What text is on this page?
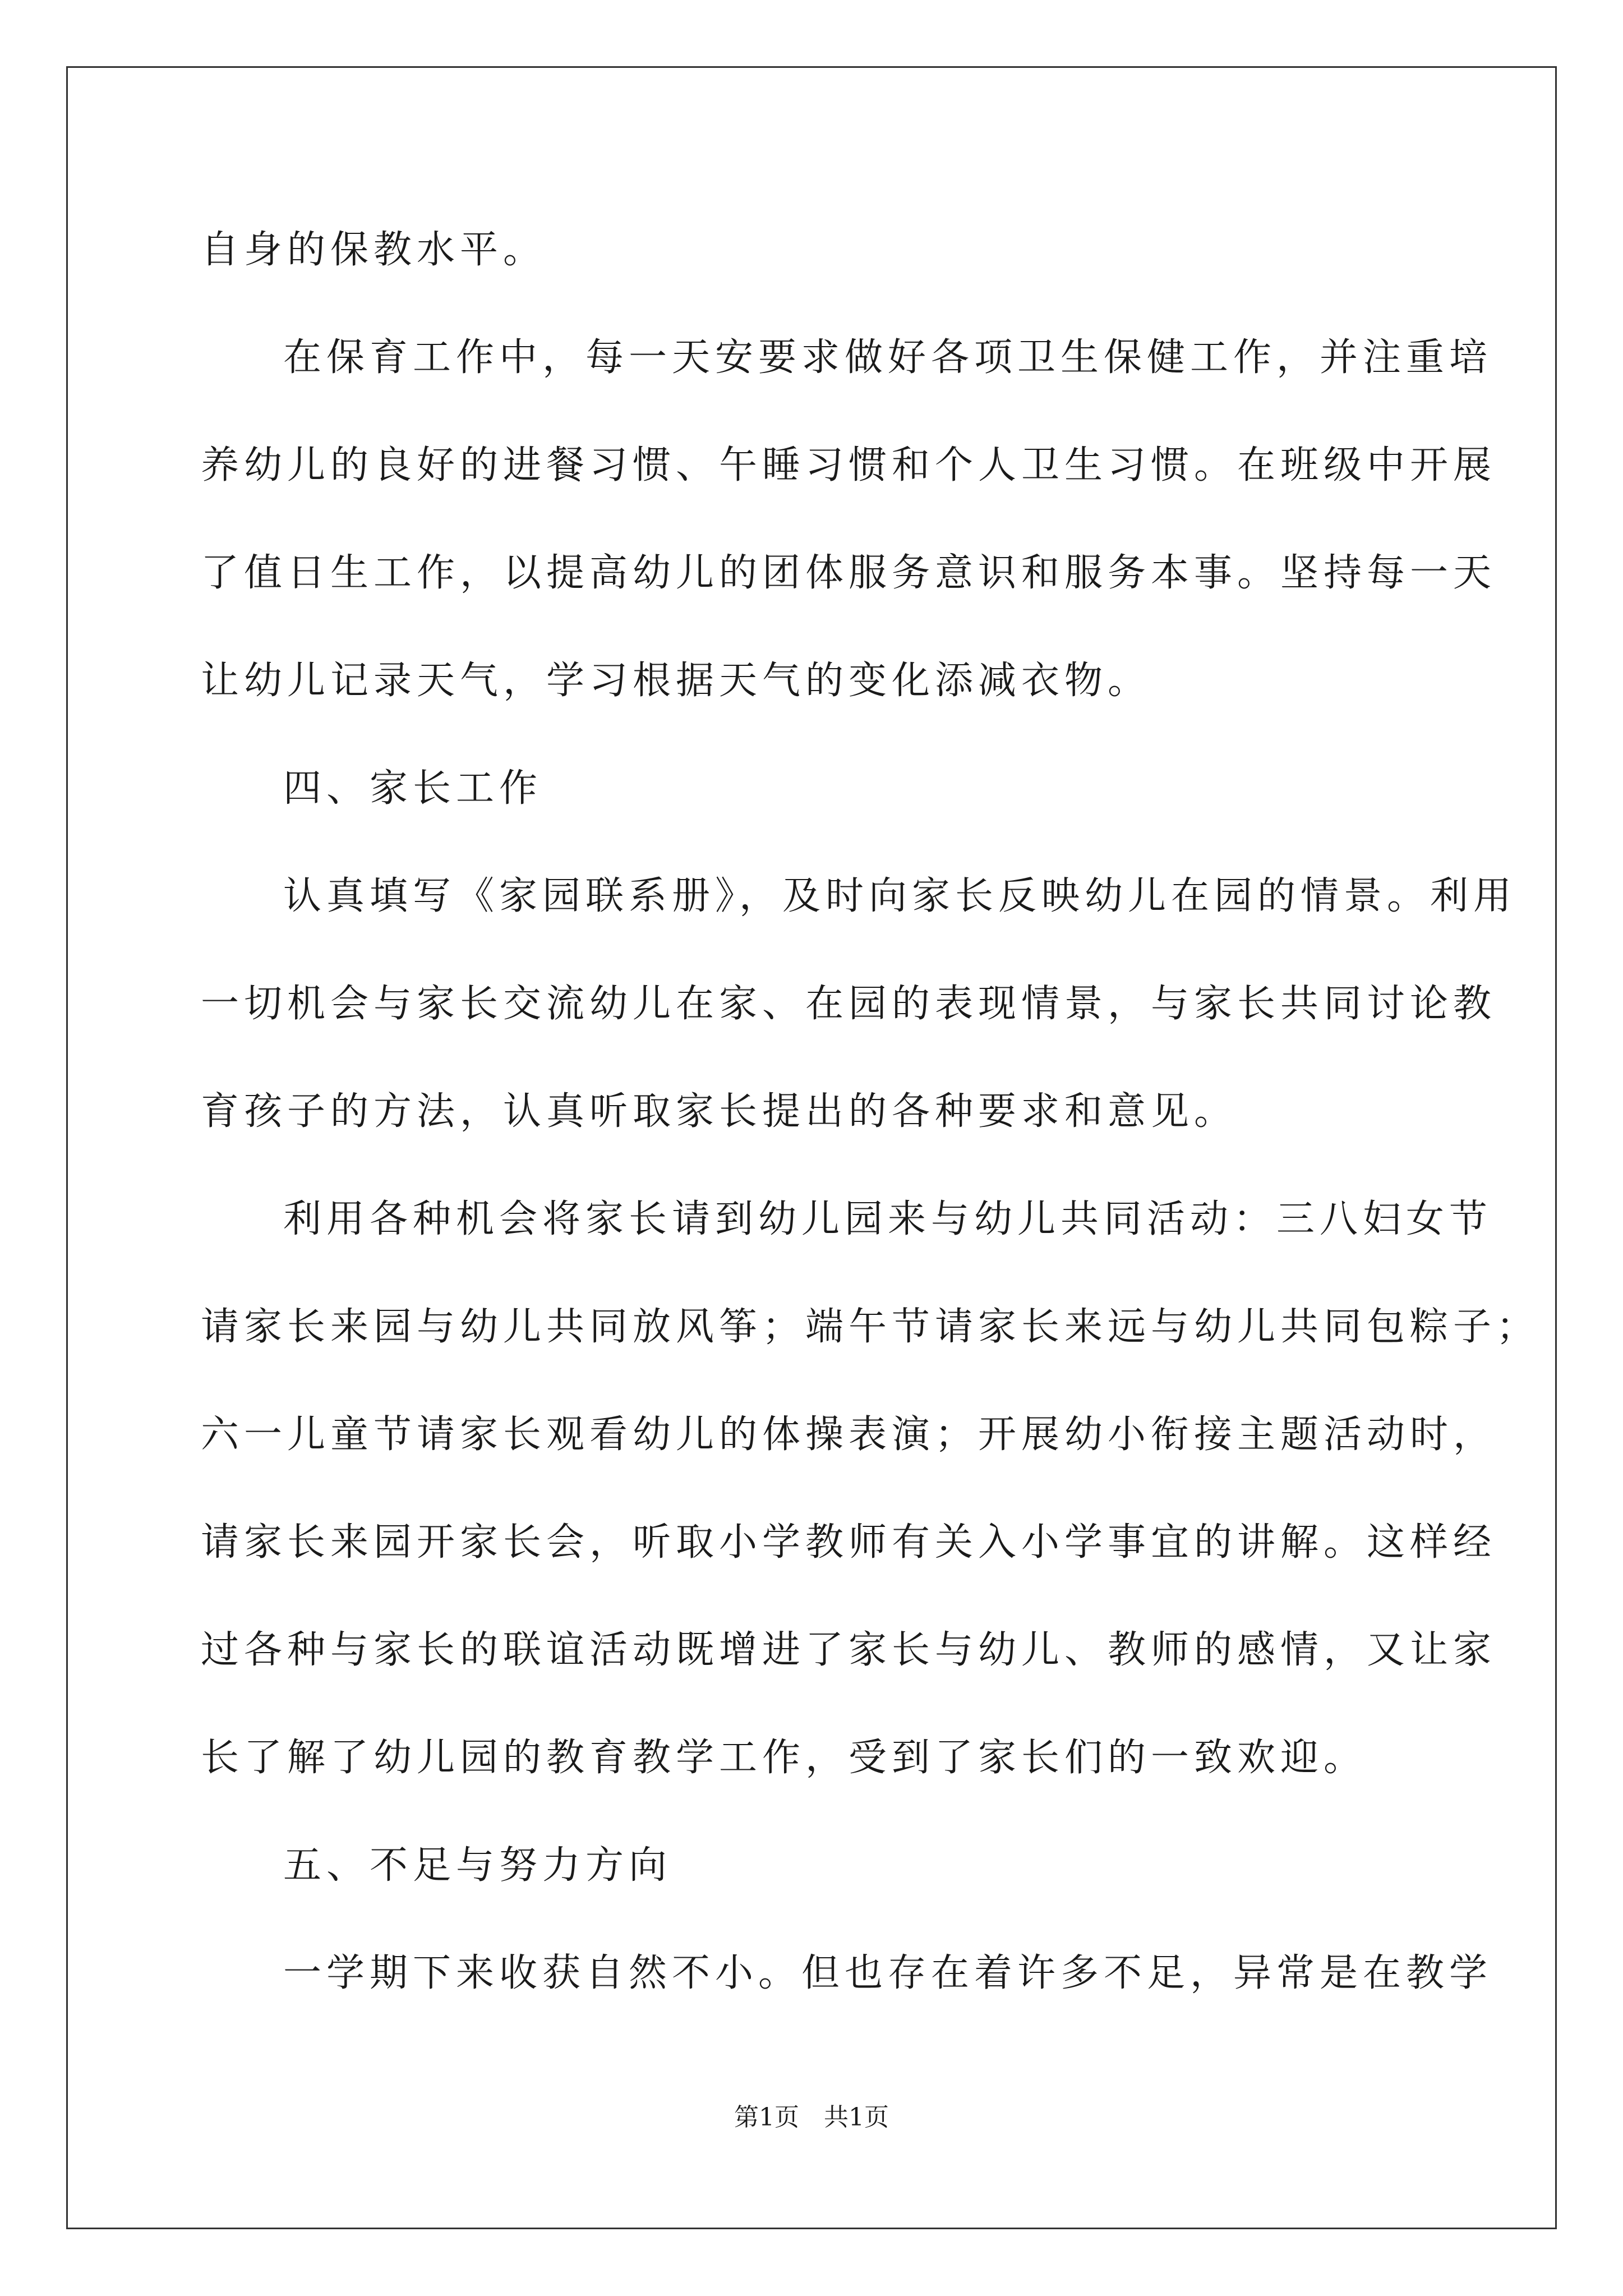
自身的保教水平。
在保育工作中，每一天安要求做好各项卫生保健工作，并注重培
养幼儿的良好的进餐习惯、午睡习惯和个人卫生习惯。在班级中开展
了值日生工作，以提高幼儿的团体服务意识和服务本事。坚持每一天
让幼儿记录天气，学习根据天气的变化添减衣物。
四、家长工作
认真填写《家园联系册》，及时向家长反映幼儿在园的情景。利用
一切机会与家长交流幼儿在家、在园的表现情景，与家长共同讨论教
育孩子的方法，认真听取家长提出的各种要求和意见。
利用各种机会将家长请到幼儿园来与幼儿共同活动：三八妇女节
请家长来园与幼儿共同放风筝；端午节请家长来远与幼儿共同包粽子；
六一儿童节请家长观看幼儿的体操表演；开展幼小衔接主题活动时，
请家长来园开家长会，听取小学教师有关入小学事宜的讲解。这样经
过各种与家长的联谊活动既增进了家长与幼儿、教师的感情，又让家
长了解了幼儿园的教育教学工作，受到了家长们的一致欢迎。
五、不足与努力方向
一学期下来收获自然不小。但也存在着许多不足，异常是在教学
第1页　共1页
